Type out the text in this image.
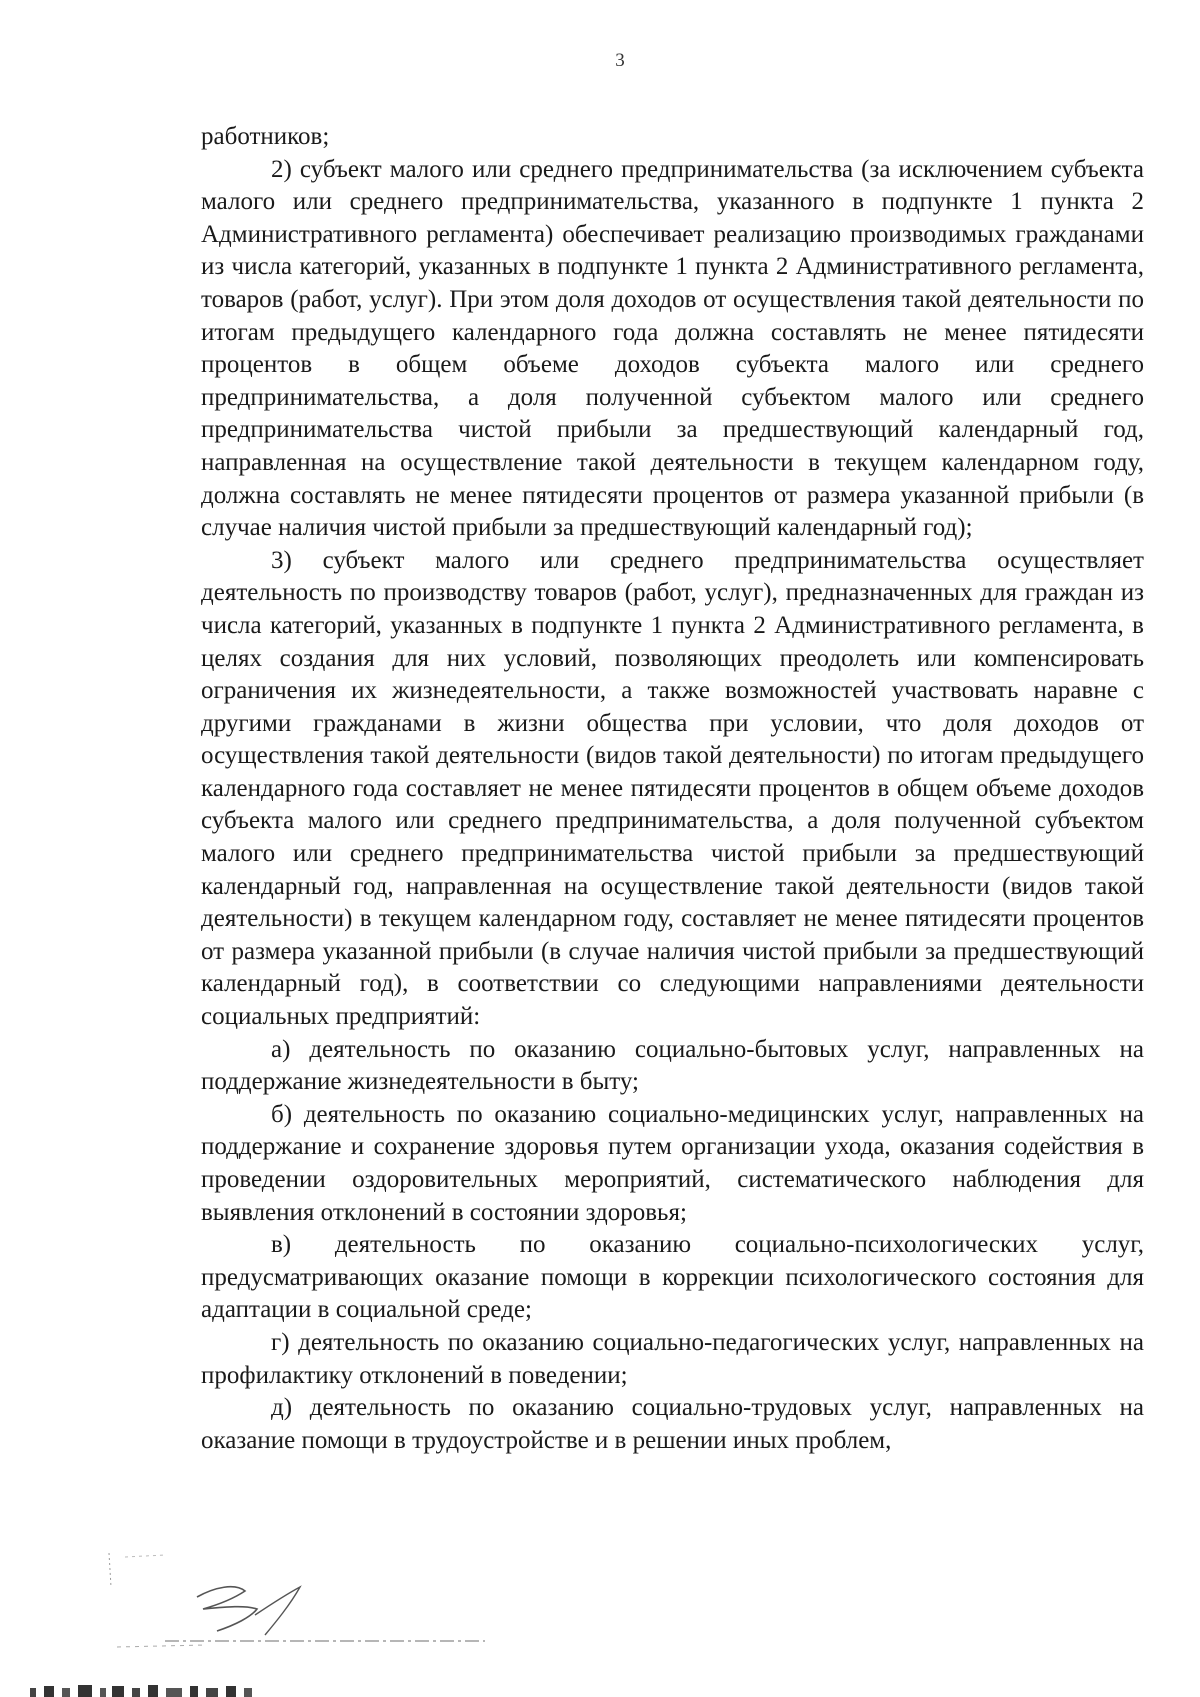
3

работников;

2) субъект малого или среднего предпринимательства (за исключением субъекта малого или среднего предпринимательства, указанного в подпункте 1 пункта 2 Административного регламента) обеспечивает реализацию производимых гражданами из числа категорий, указанных в подпункте 1 пункта 2 Административного регламента, товаров (работ, услуг). При этом доля доходов от осуществления такой деятельности по итогам предыдущего календарного года должна составлять не менее пятидесяти процентов в общем объеме доходов субъекта малого или среднего предпринимательства, а доля полученной субъектом малого или среднего предпринимательства чистой прибыли за предшествующий календарный год, направленная на осуществление такой деятельности в текущем календарном году, должна составлять не менее пятидесяти процентов от размера указанной прибыли (в случае наличия чистой прибыли за предшествующий календарный год);

3) субъект малого или среднего предпринимательства осуществляет деятельность по производству товаров (работ, услуг), предназначенных для граждан из числа категорий, указанных в подпункте 1 пункта 2 Административного регламента, в целях создания для них условий, позволяющих преодолеть или компенсировать ограничения их жизнедеятельности, а также возможностей участвовать наравне с другими гражданами в жизни общества при условии, что доля доходов от осуществления такой деятельности (видов такой деятельности) по итогам предыдущего календарного года составляет не менее пятидесяти процентов в общем объеме доходов субъекта малого или среднего предпринимательства, а доля полученной субъектом малого или среднего предпринимательства чистой прибыли за предшествующий календарный год, направленная на осуществление такой деятельности (видов такой деятельности) в текущем календарном году, составляет не менее пятидесяти процентов от размера указанной прибыли (в случае наличия чистой прибыли за предшествующий календарный год), в соответствии со следующими направлениями деятельности социальных предприятий:

а) деятельность по оказанию социально-бытовых услуг, направленных на поддержание жизнедеятельности в быту;

б) деятельность по оказанию социально-медицинских услуг, направленных на поддержание и сохранение здоровья путем организации ухода, оказания содействия в проведении оздоровительных мероприятий, систематического наблюдения для выявления отклонений в состоянии здоровья;

в) деятельность по оказанию социально-психологических услуг, предусматривающих оказание помощи в коррекции психологического состояния для адаптации в социальной среде;

г) деятельность по оказанию социально-педагогических услуг, направленных на профилактику отклонений в поведении;

д) деятельность по оказанию социально-трудовых услуг, направленных на оказание помощи в трудоустройстве и в решении иных проблем,
